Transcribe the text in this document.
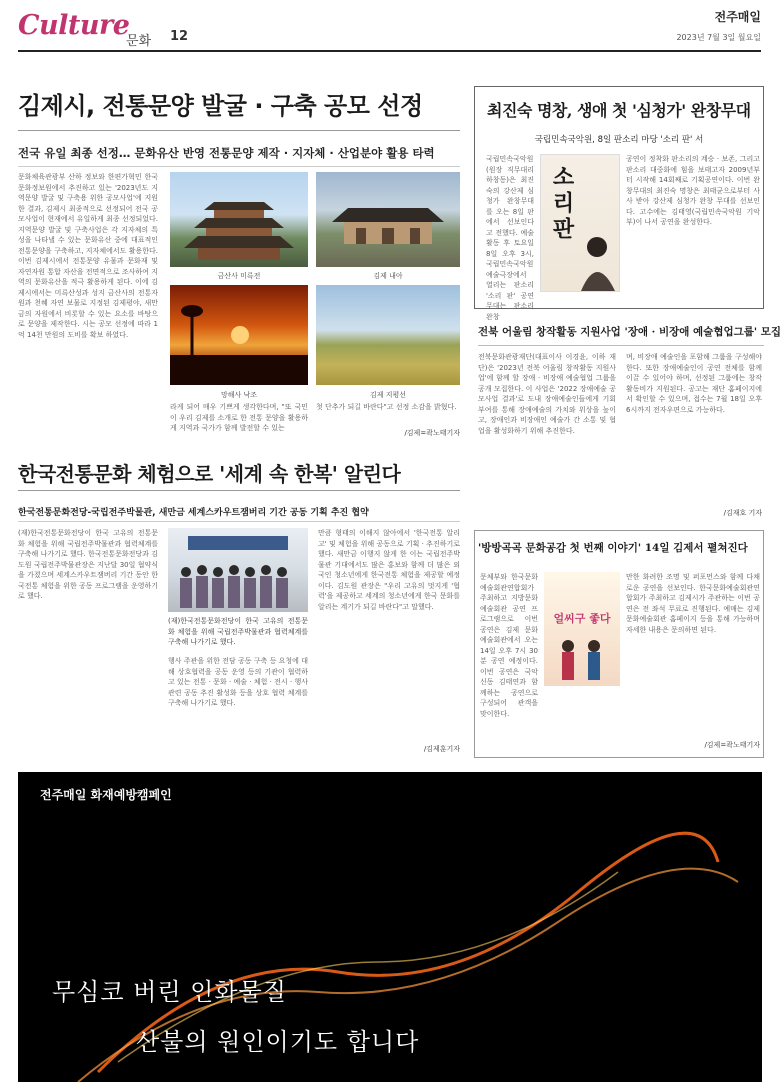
Culture
문화 12
전주매일
2023년 7월 3일 월요일
김제시, 전통문양 발굴 · 구축 공모 선정
전국 유일 최종 선정… 문화유산 반영 전통문양 제작 · 지자체 · 산업분야 활용 타력
문화체육관광부 산하 정보와 한편가혁민 한국문화정보원에서 추진하고 있는 '2023년도 지역문양 발굴 및 구축용 위한 공모사업'에 지원한 결과, 김제시 최종적으로 선정되어 전국 공모사업이 현재에서 유일하게 최종 선정되었다. 지역문양 발굴 및 구축사업은 각 지자체의 특성을 나타낼 수 있는 문화유산 중에 대표적인 전통문양을 구축하고, 지자체에서도 활용한다. 이번 김제시에서 전통문양 유물과 문화재 및 자연자원 통합 자산을 전면적으로 조사하여 지역의 문화유산을 적극 활용하게 된다. 이에 김제시에서는 미륵산성과 성지 금산사의 전통자원과 천혜 자연 보물로 지정된 김제평야, 새만금의 자원에서 비롯할 수 있는 요소를 바탕으로 문양을 제작한다. 시는 공모 선정에 따라 1억 14천 만원의 도비를 확보 하였다.
금산사 미륵전	김제 내아
망해사 낙조	김제 지평선
라게 되어 매우 기쁘게 생각한다며, "또 국민이 우리 김제를 소개로 한 전통 문양을 활용하게 지역과 국가가 함께 발전할 수 있는
첫 단추가 되길 바란다"고 선정 소감을 밝혔다.
/김제=곽노태기자
한국전통문화 체험으로 '세계 속 한복' 알린다
한국전통문화전당-국립전주박물관, 새만금 세계스카우트잼버리 기간 공동 기획 추진 협약
(재)한국전통문화전당이 한국 고유의 전통문화 체험을 위해 국립전주박물관과 협력체계를 구축해 나가기로 했다. 한국전통문화전당과 김도원 국립전주박물관장은 지난달 30일 협약식을 가졌으며 세계스카우트잼버리 기간 동안 한국전통 체험을 위한 공동 프로그램을 운영하기로 했다.
(재)한국전통문화전당이 한국 고유의 전통문화 체험을 위해 국립전주박물관과 협력체계를 구축해 나가기로 했다.
행사 주관을 위한 전담 공동 구축 등 요청에 대해 상호협력을 공동 운영 등의 기관이 협력하고 있는 전통 · 문화 · 예술 · 체험 · 전시 · 행사 관련 공동 추진 활성화 등을 상호 협력 체계를 구축해 나가기로 했다.
만큼 형태의 이해지 않아에서 '한국전통 알리고' 및 체험을 위해 공동으로 기획 · 추진하기로 했다. 새만금 이행지 않게 한 이는 국립전주박물관 기대에서도 많은 홍보와 함께 더 많은 외국인 청소년에게 한국전통 체험을 제공할 예정이다. 김도원 관장은 "우리 고유의 멋지게 '협력'을 제공하고 세계의 청소년에게 한국 문화를 알리는 계기가 되길 바란다"고 말했다.
/김제훈기자
최진숙 명창, 생애 첫 '심청가' 완창무대
국립민속국악원, 8일 판소리 마당 '소리 판' 서
국립민속국악원(원장 직무대리 하창동)은 최진숙의 강산제 심청가 완창무대를 오는 8일 판에서 선보인다고 전했다. 예술 활동 후 토요일 8일 오후 3시, 국립민속국악원 예술극장에서 열리는 판소리 '소리 판' 공연무대는 판소리 완창
소리판
공연이 정착화 판소리의 계승 · 보존, 그리고 판소리 대중화에 힘을 보태고자 2009년부터 시작해 14회째로 기획공연이다. 이번 완창무대의 최진숙 명창은 최태균으로부터 사사 받아 강산제 심청가 완창 무대를 선보인다. 고수에는 김태영(국립민속국악원 기악부)이 나서 공연을 완성한다.
전북 어울림 창작활동 지원사업 '장애 · 비장애 예술협업그룹' 모집
전북문화관광재단(대표이사 이경윤, 이하 재단)은 '2023년 전북 어울림 창작활동 지원사업'에 함께 할 장애 · 비장애 예술협업 그룹을 공개 모집한다. 이 사업은 '2022 장애예술 공모사업 결과'로 도내 장애예술인들에게 기회 부여를 통해 장애예술의 가치와 위상을 높이고, 장애인과 비장애인 예술가 간 소통 및 협업을 활성화하기 위해 추진한다.
며, 비장애 예술인을 포함해 그룹을 구성해야 한다. 또한 장애예술인이 공연 전체를 함께 이끌 수 있어야 하며, 선정된 그룹에는 창작 활동비가 지원된다. 공고는 재단 홈페이지에서 확인할 수 있으며, 접수는 7월 18일 오후 6시까지 전자우편으로 가능하다.
/김재호 기자
'방방곡곡 문화공감 첫 번째 이야기' 14일 김제서 펼쳐진다
문체부와 한국문화예술회관연합회가 주최하고 지방문화예술회관 공연 프로그램으로 이번 공연은 김제 문화예술회관에서 오는 14일 오후 7시 30분 공연 예정이다. 이번 공연은 국악 신동 김태연과 함께하는 공연으로 구성되어 관객을 맞이한다.
얼씨구 좋다
만한 화려한 조명 및 퍼포먼스와 함께 다채로운 공연을 선보인다. 한국문화예술회관연합회가 주최하고 김제시가 주관하는 이번 공연은 전 좌석 무료로 진행된다. 예매는 김제문화예술회관 홈페이지 등을 통해 가능하며 자세한 내용은 문의하면 된다.
/김제=곽노태기자
전주매일 화재예방캠페인
무심코 버린 인화물질
산불의 원인이기도 합니다
